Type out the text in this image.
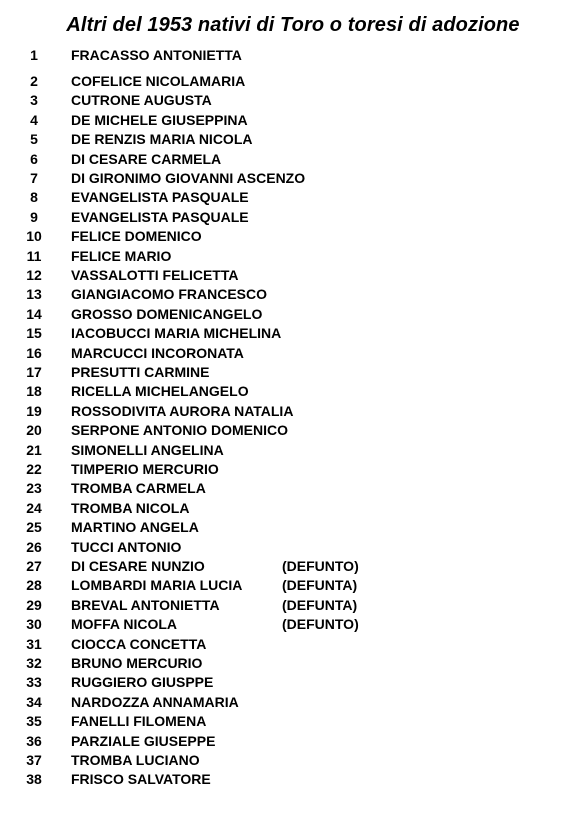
Altri del 1953 nativi di Toro o toresi di adozione
1	FRACASSO ANTONIETTA
2	COFELICE NICOLAMARIA
3	CUTRONE AUGUSTA
4	DE MICHELE GIUSEPPINA
5	DE RENZIS MARIA NICOLA
6	DI CESARE CARMELA
7	DI GIRONIMO GIOVANNI ASCENZO
8	EVANGELISTA PASQUALE
9	EVANGELISTA PASQUALE
10	FELICE DOMENICO
11	FELICE MARIO
12	VASSALOTTI FELICETTA
13	GIANGIACOMO FRANCESCO
14	GROSSO DOMENICANGELO
15	IACOBUCCI MARIA MICHELINA
16	MARCUCCI INCORONATA
17	PRESUTTI CARMINE
18	RICELLA MICHELANGELO
19	ROSSODIVITA AURORA NATALIA
20	SERPONE ANTONIO DOMENICO
21	SIMONELLI ANGELINA
22	TIMPERIO MERCURIO
23	TROMBA CARMELA
24	TROMBA NICOLA
25	MARTINO ANGELA
26	TUCCI ANTONIO
27	DI CESARE NUNZIO	(DEFUNTO)
28	LOMBARDI MARIA LUCIA	(DEFUNTA)
29	BREVAL ANTONIETTA	(DEFUNTA)
30	MOFFA NICOLA	(DEFUNTO)
31	CIOCCA CONCETTA
32	BRUNO MERCURIO
33	RUGGIERO GIUSPPE
34	NARDOZZA ANNAMARIA
35	FANELLI FILOMENA
36	PARZIALE GIUSEPPE
37	TROMBA LUCIANO
38	FRISCO SALVATORE
